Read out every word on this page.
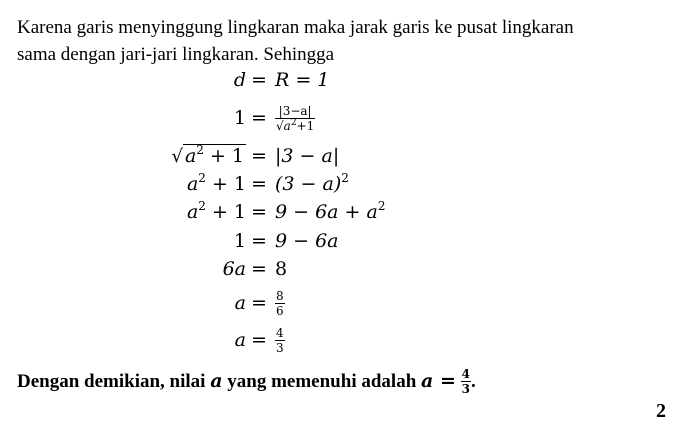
Karena garis menyinggung lingkaran maka jarak garis ke pusat lingkaran
sama dengan jari-jari lingkaran. Sehingga
d = R = 1
$1 = \frac{|3-a|}{√a^2+1}$
√ $a^2 + 1 = |3 - a|$
$a^2 + 1 = (3 - a)^2$
$a^2 + 1 = 9 - 6a + a^2$
1 = 9 − 6a
6a = 8
$a = \frac{8}{6}$
$a = \frac{4}{3}$
Dengan demikian, nilai a yang memenuhi adalah $a = \frac{4}{3}$ .
2
